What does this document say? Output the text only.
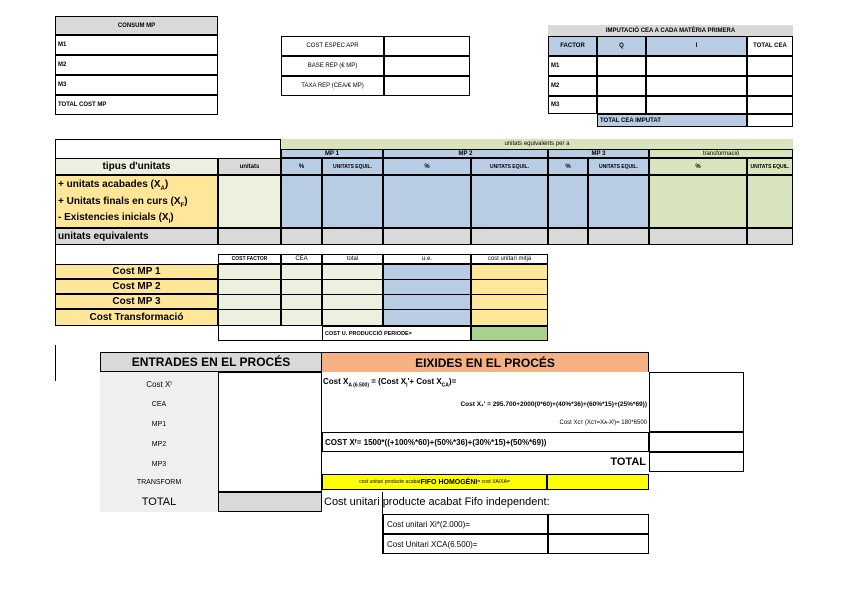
CONSUM MP
M1
M2
M3
TOTAL COST MP
COST ESPEC APR
BASE REP (€ MP)
TAXA REP (CEA/€ MP)
IMPUTACIÓ CEA A CADA MATÈRIA PRIMERA
FACTOR	Q	I	TOTAL CEA
M1
M2
M3
TOTAL CEA IMPUTAT
unitats equivalents per a
MP 1	MP 2	MP 3	transformació
tipus d'unitats	unitats	%	UNITATS EQUIL.	%	UNITATS EQUIL.	%	UNITATS EQUIL.	%	UNITATS EQUIL.
+ unitats acabades $(X_A)$
+ Unitats finals en curs $(X_F)$
- Existencies inicials $(X_I)$
unitats equivalents
COST FACTOR	CEA	total	u.e.	cost unitari mitjà
Cost MP 1
Cost MP 2
Cost MP 3
Cost Transformació
COST U. PRODUCCIÓ PERIODE=
ENTRADES EN EL PROCÉS
Cost X I
CEA
MP1
MP2
MP3
TRANSFORM
TOTAL
EIXIDES EN EL PROCÉS
Cost $X_{A (6.500)}$ = (Cost $X_I'+$ Cost $X_{CA})=$
Cost X₁' = 295.700+2000(0*60)+(40%*36)+(60%*15)+(25%*69))
Cost Xᴄᴛ (Xᴄᴛ=Xᴀ-Xᴵ)= 180*6500
COST Xᶠ= 1500*((+100%*60)+(50%*36)+(30%*15)+(50%*69))
TOTAL
cost unitari producte acabat FIFO HOMOGÈNI = cost XA/XA=
Cost unitari producte acabat Fifo independent:
Cost unitari Xi*(2.000)=
Cost Unitari XCA(6.500)=
